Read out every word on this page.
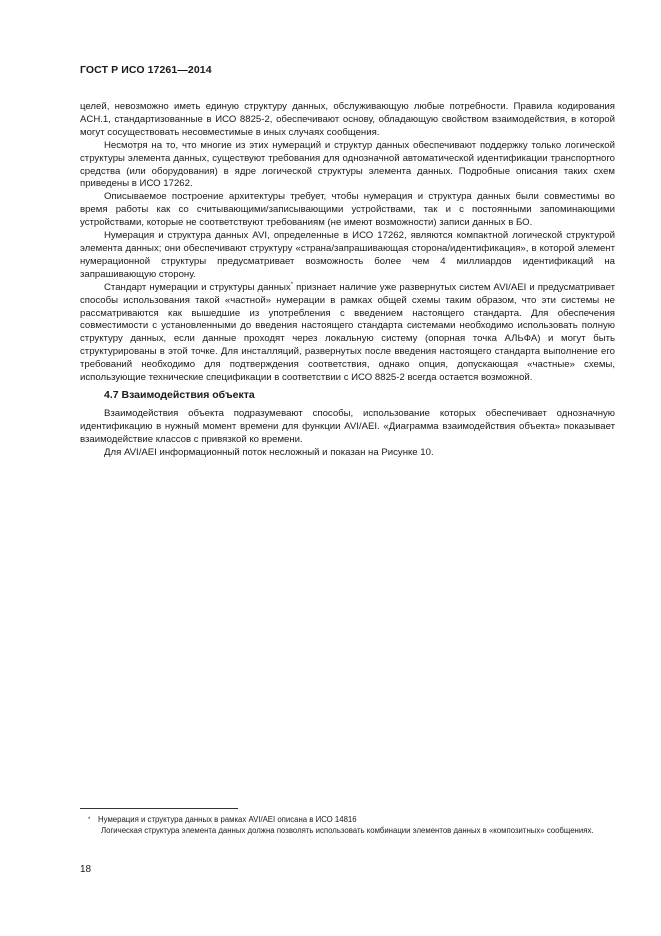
ГОСТ Р ИСО 17261—2014

целей, невозможно иметь единую структуру данных, обслуживающую любые потребности. Правила кодирования ACH.1, стандартизованные в ИСО 8825-2, обеспечивают основу, обладающую свойством взаимодействия, в которой могут сосуществовать несовместимые в иных случаях сообщения.

Несмотря на то, что многие из этих нумераций и структур данных обеспечивают поддержку только логической структуры элемента данных, существуют требования для однозначной автоматической идентификации транспортного средства (или оборудования) в ядре логической структуры элемента данных. Подробные описания таких схем приведены в ИСО 17262.

Описываемое построение архитектуры требует, чтобы нумерация и структура данных были совместимы во время работы как со считывающими/записывающими устройствами, так и с постоянными запоминающими устройствами, которые не соответствуют требованиям (не имеют возможности) записи данных в БО.

Нумерация и структура данных AVI, определенные в ИСО 17262, являются компактной логической структурой элемента данных; они обеспечивают структуру «страна/запрашивающая сторона/идентификация», в которой элемент нумерационной структуры предусматривает возможность более чем 4 миллиардов идентификаций на запрашивающую сторону.

Стандарт нумерации и структуры данных* признает наличие уже развернутых систем AVI/AEI и предусматривает способы использования такой «частной» нумерации в рамках общей схемы таким образом, что эти системы не рассматриваются как вышедшие из употребления с введением настоящего стандарта. Для обеспечения совместимости с установленными до введения настоящего стандарта системами необходимо использовать полную структуру данных, если данные проходят через локальную систему (опорная точка АЛЬФА) и могут быть структурированы в этой точке. Для инсталляций, развернутых после введения настоящего стандарта выполнение его требований необходимо для подтверждения соответствия, однако опция, допускающая «частные» схемы, использующие технические спецификации в соответствии с ИСО 8825-2 всегда остается возможной.

4.7 Взаимодействия объекта

Взаимодействия объекта подразумевают способы, использование которых обеспечивает однозначную идентификацию в нужный момент времени для функции AVI/AEI. «Диаграмма взаимодействия объекта» показывает взаимодействие классов с привязкой ко времени.

Для AVI/AEI информационный поток несложный и показан на Рисунке 10.

* Нумерация и структура данных в рамках AVI/AEI описана в ИСО 14816

Логическая структура элемента данных должна позволять использовать комбинации элементов данных в «композитных» сообщениях.

18
